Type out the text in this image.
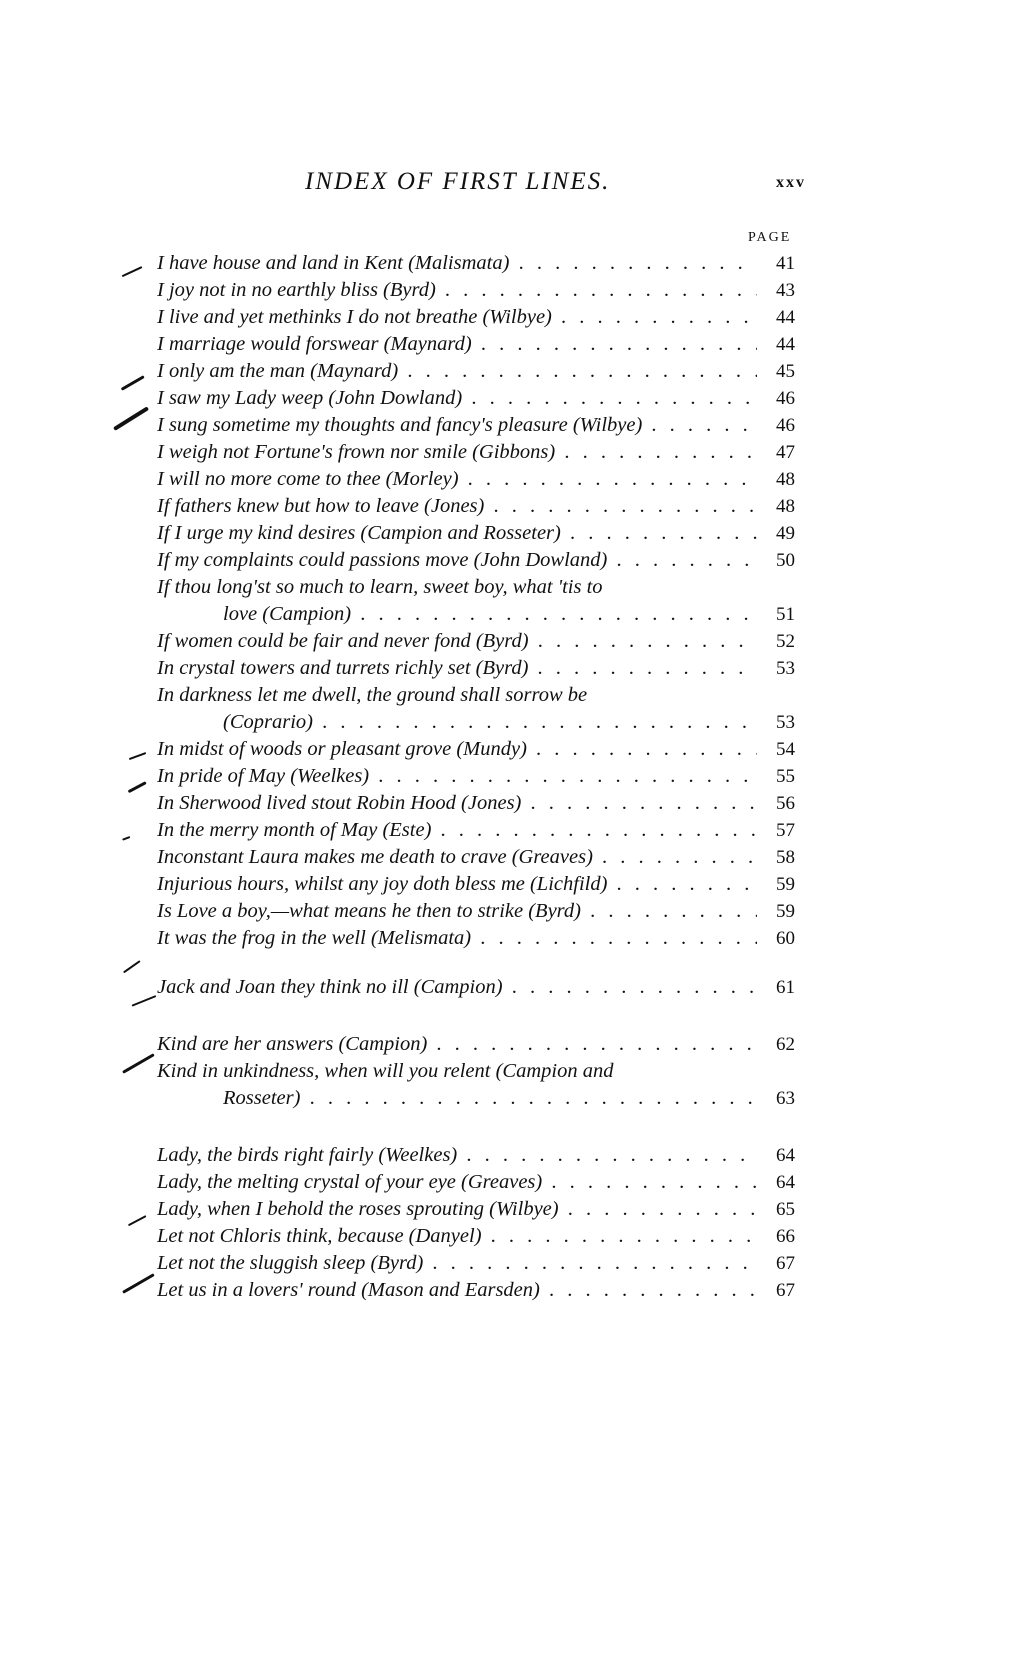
INDEX OF FIRST LINES.	xxv
PAGE
I have house and land in Kent (Malismata) . . .	41
I joy not in no earthly bliss (Byrd) . . .	43
I live and yet methinks I do not breathe (Wilbye) . . .	44
I marriage would forswear (Maynard) . . .	44
I only am the man (Maynard) . . .	45
I saw my Lady weep (John Dowland) . . .	46
I sung sometime my thoughts and fancy's pleasure (Wilbye) . . .	46
I weigh not Fortune's frown nor smile (Gibbons) . . .	47
I will no more come to thee (Morley) . . .	48
If fathers knew but how to leave (Jones) . . .	48
If I urge my kind desires (Campion and Rosseter) . . .	49
If my complaints could passions move (John Dowland) . . .	50
If thou long'st so much to learn, sweet boy, what 'tis to
love (Campion) . . .	51
If women could be fair and never fond (Byrd) . . .	52
In crystal towers and turrets richly set (Byrd) . . .	53
In darkness let me dwell, the ground shall sorrow be
(Coprario) . . .	53
In midst of woods or pleasant grove (Mundy) . . .	54
In pride of May (Weelkes) . . .	55
In Sherwood lived stout Robin Hood (Jones) . . .	56
In the merry month of May (Este) . . .	57
Inconstant Laura makes me death to crave (Greaves) . . .	58
Injurious hours, whilst any joy doth bless me (Lichfild) . . .	59
Is Love a boy,—what means he then to strike (Byrd) . . .	59
It was the frog in the well (Melismata) . . .	60
Jack and Joan they think no ill (Campion) . . .	61
Kind are her answers (Campion) . . .	62
Kind in unkindness, when will you relent (Campion and
Rosseter) . . .	63
Lady, the birds right fairly (Weelkes) . . .	64
Lady, the melting crystal of your eye (Greaves) . . .	64
Lady, when I behold the roses sprouting (Wilbye) . . .	65
Let not Chloris think, because (Danyel) . . .	66
Let not the sluggish sleep (Byrd) . . .	67
Let us in a lovers' round (Mason and Earsden) . . .	67
